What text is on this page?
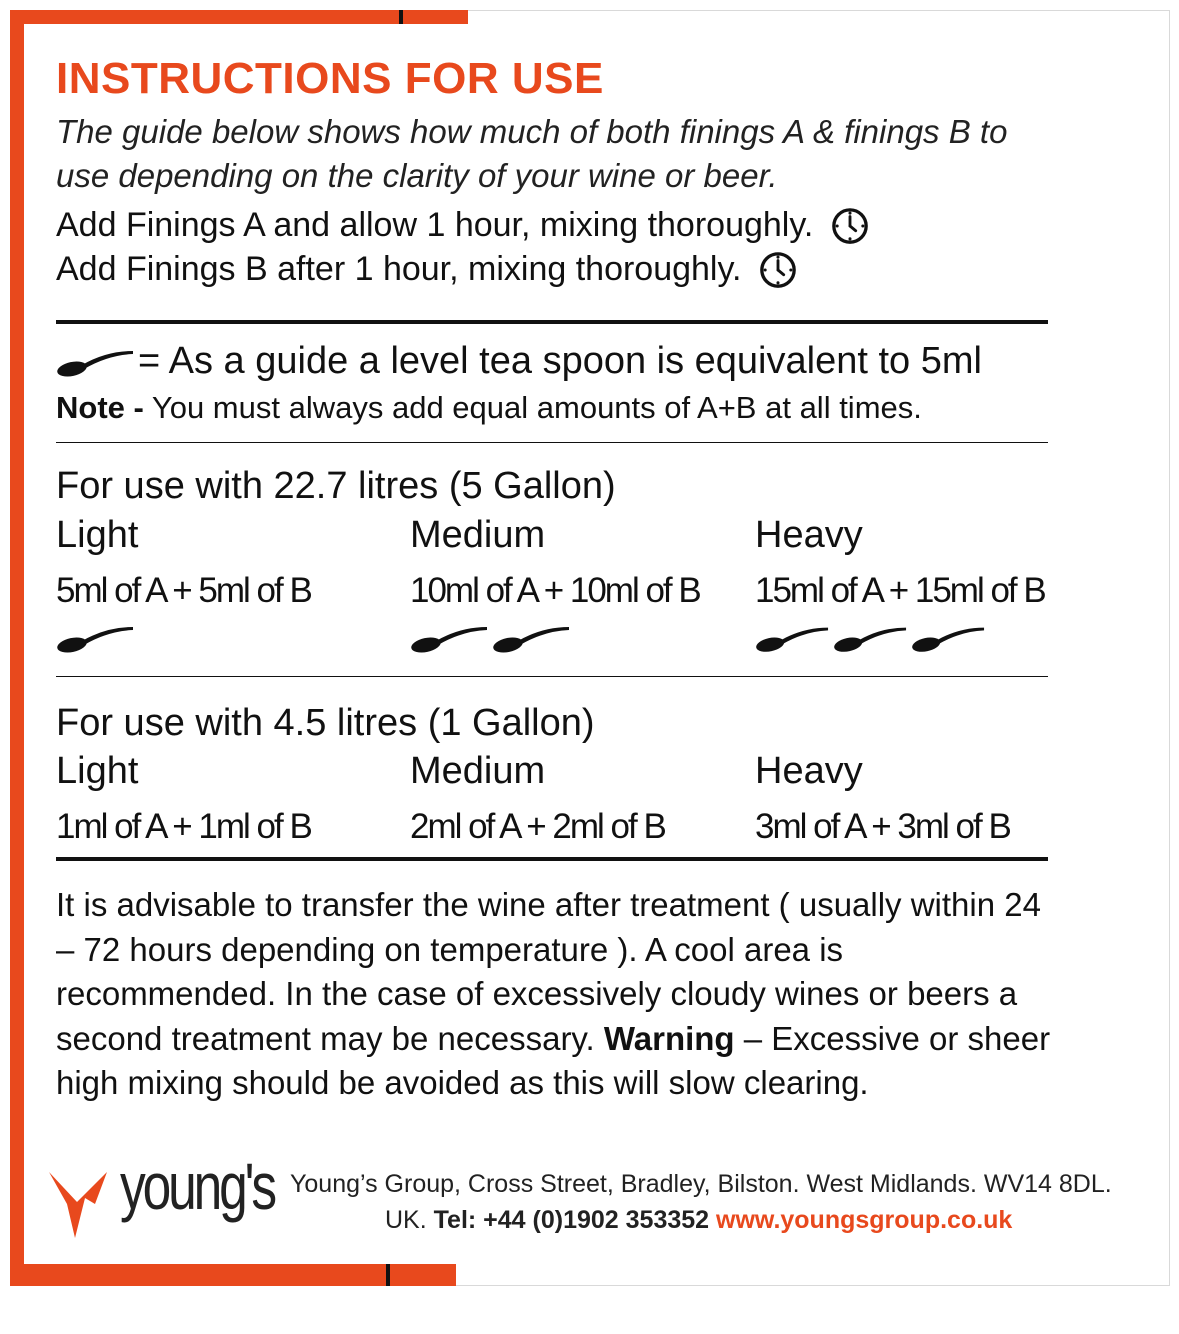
INSTRUCTIONS FOR USE
The guide below shows how much of both finings A & finings B to use depending on the clarity of your wine or beer.
Add Finings A and allow 1 hour, mixing thoroughly.
Add Finings B after 1 hour, mixing thoroughly.
= As a guide a level tea spoon is equivalent to 5ml
Note - You must always add equal amounts of A+B at all times.
For use with 22.7 litres (5 Gallon)
Light
5ml of A + 5ml of B
Medium
10ml of A + 10ml of B
Heavy
15ml of A + 15ml of B
For use with 4.5 litres (1 Gallon)
Light
1ml of A + 1ml of B
Medium
2ml of A + 2ml of B
Heavy
3ml of A + 3ml of B
It is advisable to transfer the wine after treatment ( usually within 24 – 72 hours depending on temperature ). A cool area is recommended. In the case of excessively cloudy wines or beers a second treatment may be necessary. Warning – Excessive or sheer high mixing should be avoided as this will slow clearing.
young's Young’s Group, Cross Street, Bradley, Bilston. West Midlands. WV14 8DL.
UK. Tel: +44 (0)1902 353352 www.youngsgroup.co.uk
